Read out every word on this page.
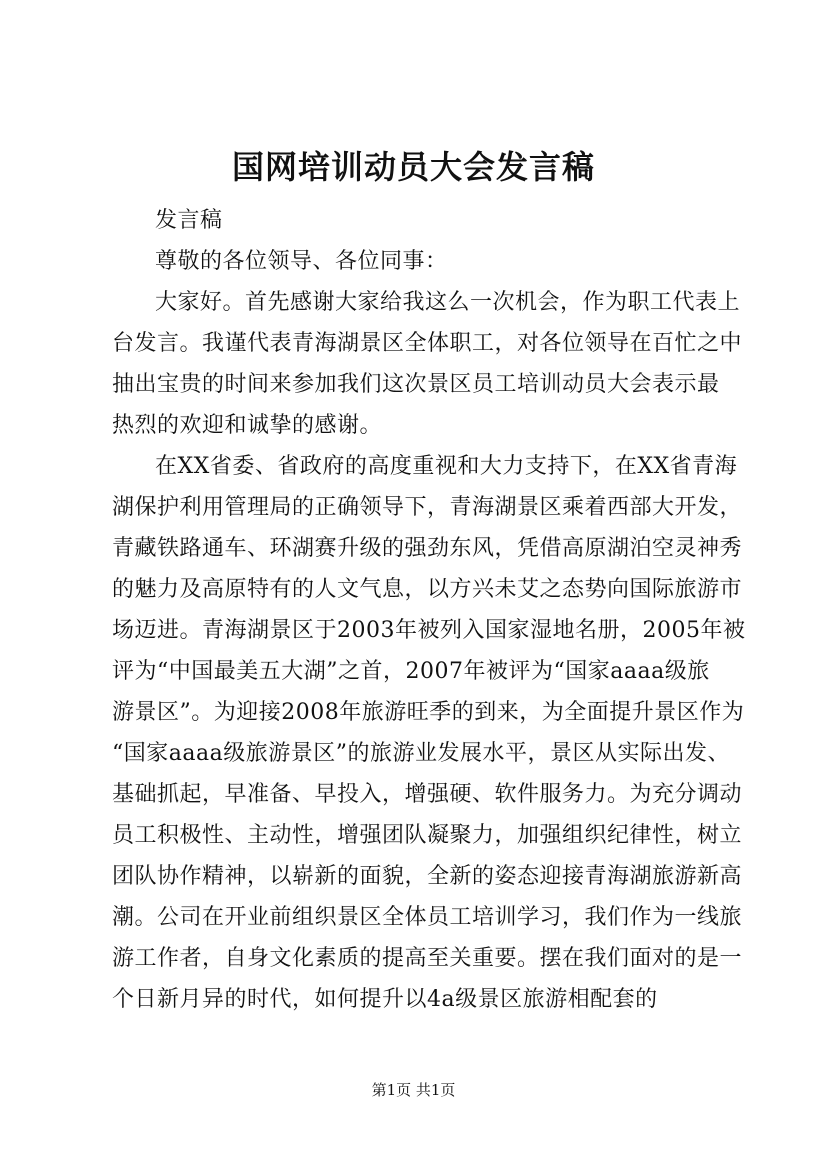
国网培训动员大会发言稿
发言稿
尊敬的各位领导、各位同事：
大家好。首先感谢大家给我这么一次机会，作为职工代表上
台发言。我谨代表青海湖景区全体职工，对各位领导在百忙之中
抽出宝贵的时间来参加我们这次景区员工培训动员大会表示最
热烈的欢迎和诚挚的感谢。
在XX省委、省政府的高度重视和大力支持下，在XX省青海
湖保护利用管理局的正确领导下，青海湖景区乘着西部大开发，
青藏铁路通车、环湖赛升级的强劲东风，凭借高原湖泊空灵神秀
的魅力及高原特有的人文气息，以方兴未艾之态势向国际旅游市
场迈进。青海湖景区于2003年被列入国家湿地名册，2005年被
评为“中国最美五大湖”之首，2007年被评为“国家aaaa级旅
游景区”。为迎接2008年旅游旺季的到来，为全面提升景区作为
“国家aaaa级旅游景区”的旅游业发展水平，景区从实际出发、
基础抓起，早准备、早投入，增强硬、软件服务力。为充分调动
员工积极性、主动性，增强团队凝聚力，加强组织纪律性，树立
团队协作精神，以崭新的面貌，全新的姿态迎接青海湖旅游新高
潮。公司在开业前组织景区全体员工培训学习，我们作为一线旅
游工作者，自身文化素质的提高至关重要。摆在我们面对的是一
个日新月异的时代，如何提升以4a级景区旅游相配套的
第1页 共1页
